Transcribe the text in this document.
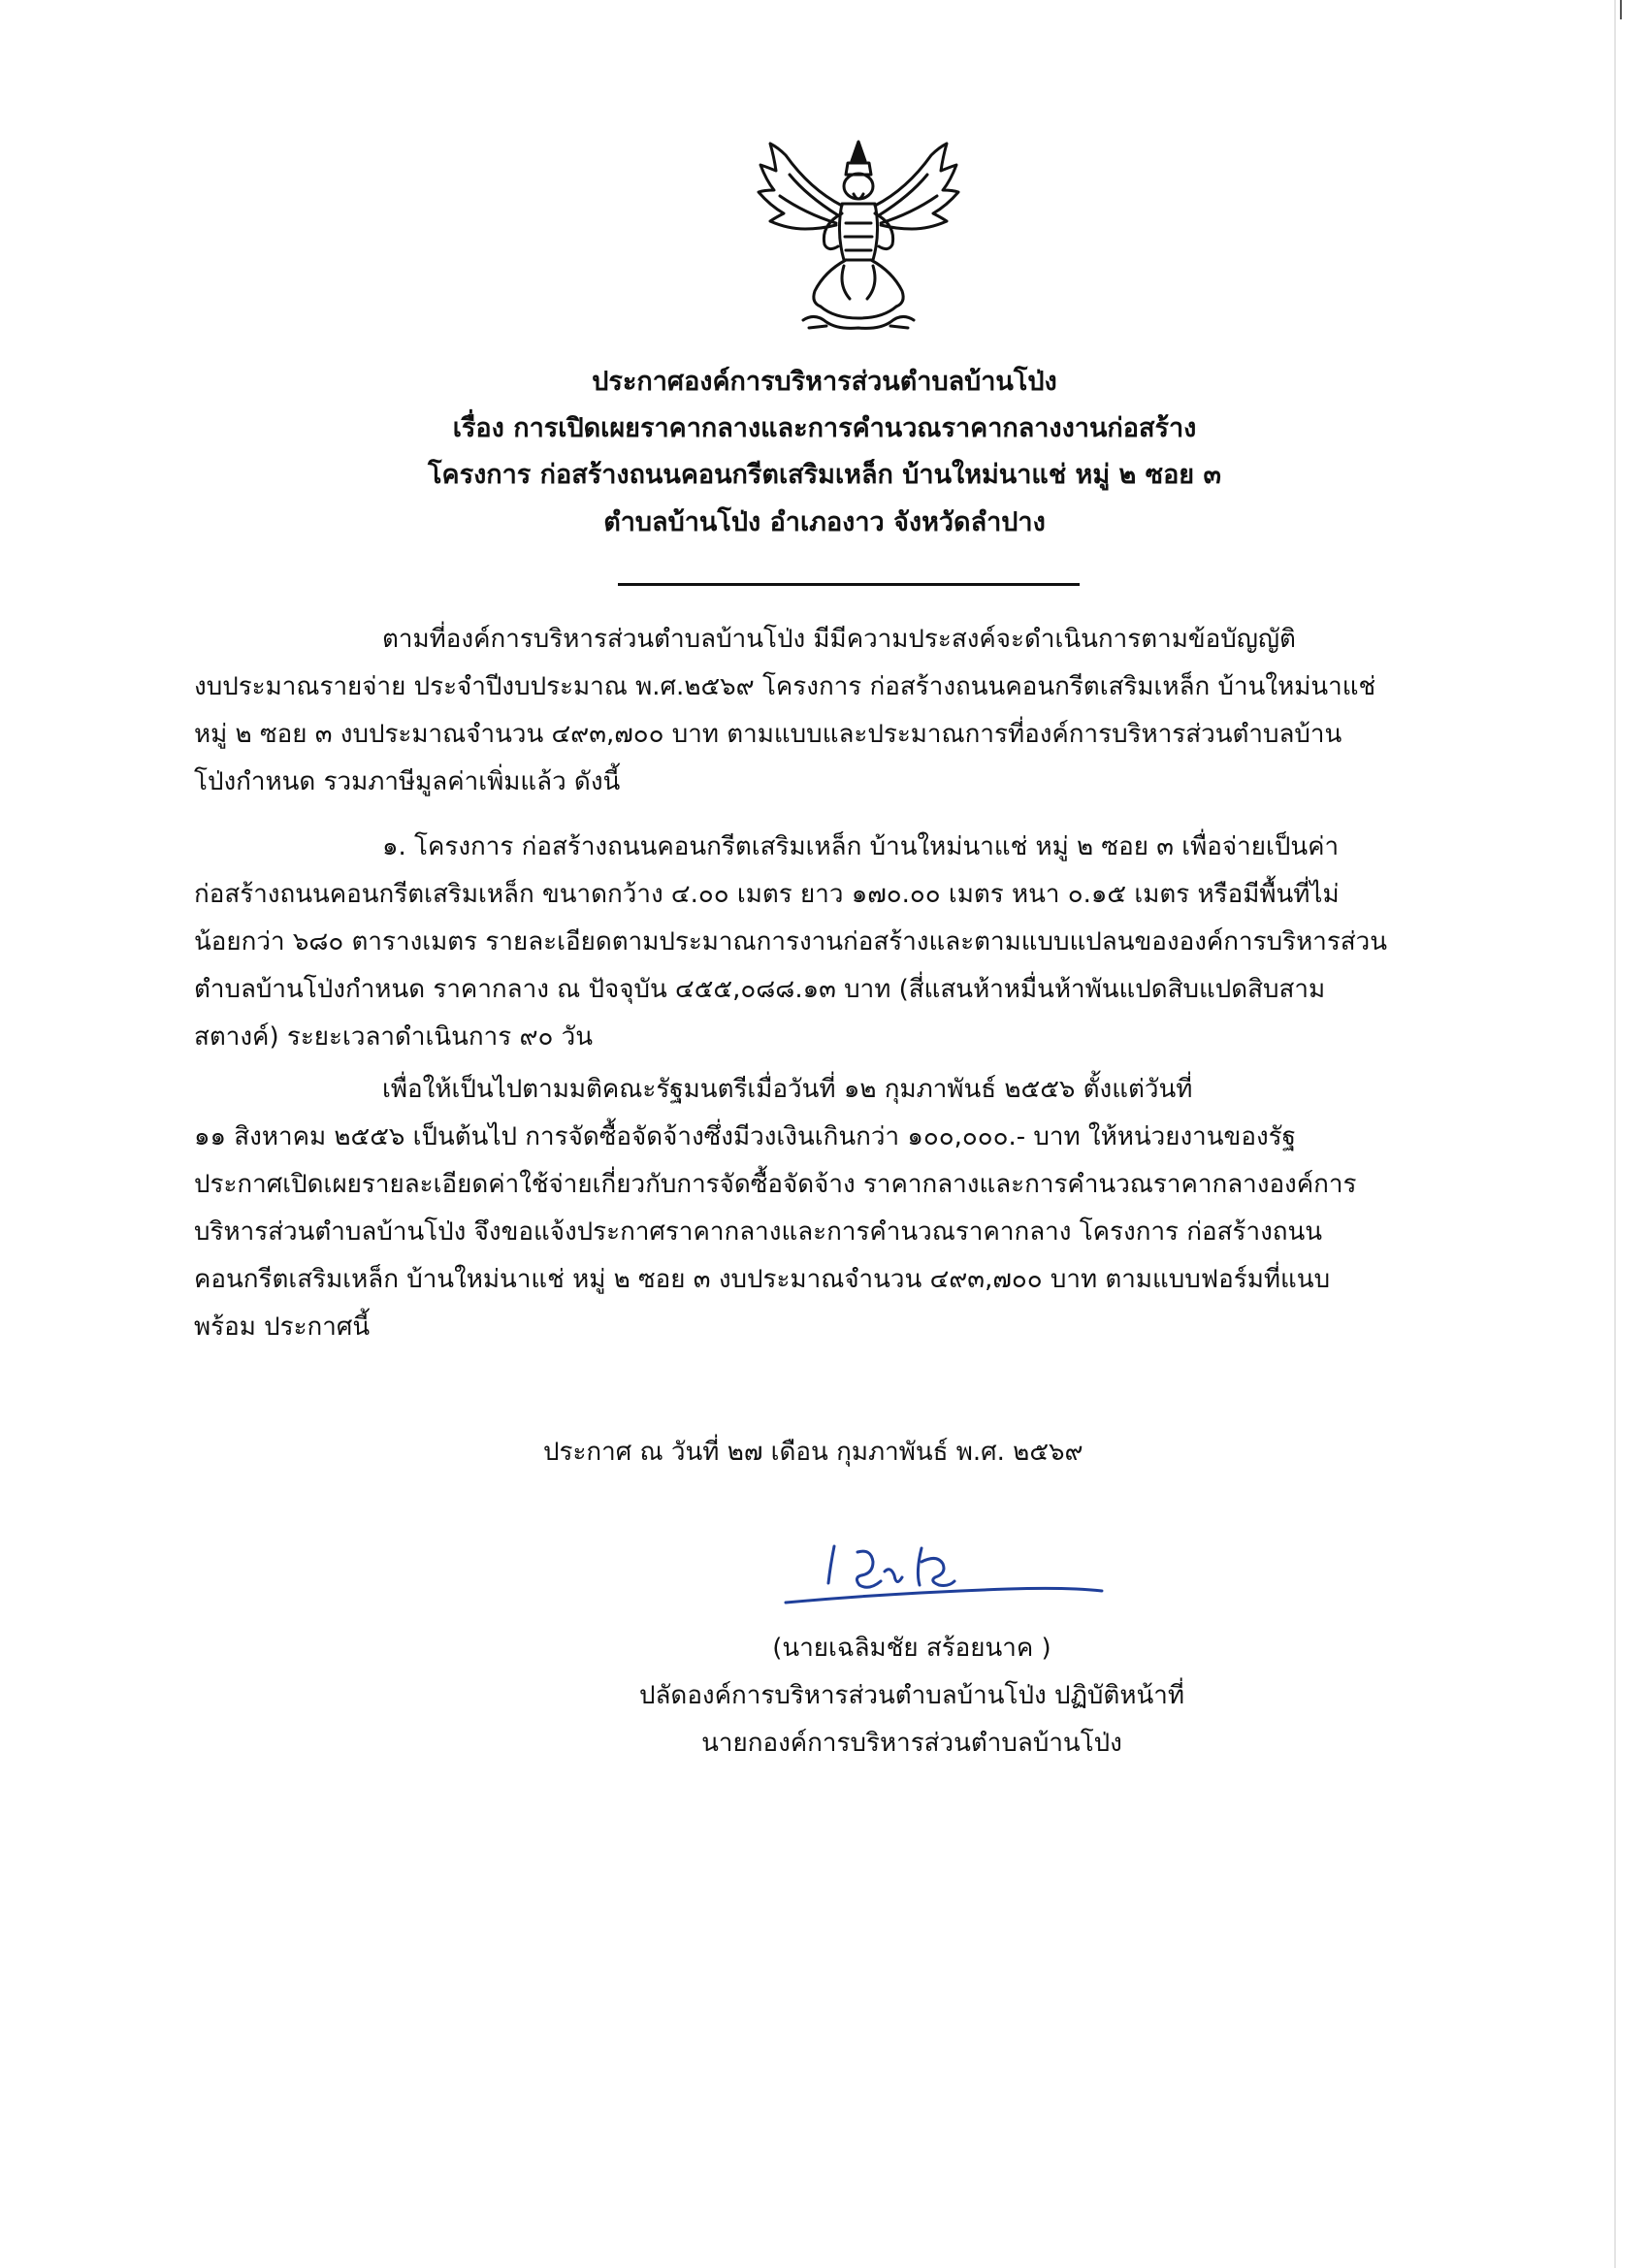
ประกาศองค์การบริหารส่วนตำบลบ้านโป่ง
เรื่อง การเปิดเผยราคากลางและการคำนวณราคากลางงานก่อสร้าง
โครงการ ก่อสร้างถนนคอนกรีตเสริมเหล็ก บ้านใหม่นาแช่ หมู่ ๒ ซอย ๓
ตำบลบ้านโป่ง อำเภองาว จังหวัดลำปาง
ตามที่องค์การบริหารส่วนตำบลบ้านโป่ง มีมีความประสงค์จะดำเนินการตามข้อบัญญัติ
งบประมาณรายจ่าย ประจำปีงบประมาณ พ.ศ.๒๕๖๙ โครงการ ก่อสร้างถนนคอนกรีตเสริมเหล็ก บ้านใหม่นาแช่
หมู่ ๒ ซอย ๓ งบประมาณจำนวน ๔๙๓,๗๐๐ บาท ตามแบบและประมาณการที่องค์การบริหารส่วนตำบลบ้าน
โป่งกำหนด รวมภาษีมูลค่าเพิ่มแล้ว ดังนี้
๑. โครงการ ก่อสร้างถนนคอนกรีตเสริมเหล็ก บ้านใหม่นาแช่ หมู่ ๒ ซอย ๓ เพื่อจ่ายเป็นค่า
ก่อสร้างถนนคอนกรีตเสริมเหล็ก ขนาดกว้าง ๔.๐๐ เมตร ยาว ๑๗๐.๐๐ เมตร หนา ๐.๑๕ เมตร หรือมีพื้นที่ไม่
น้อยกว่า ๖๘๐ ตารางเมตร รายละเอียดตามประมาณการงานก่อสร้างและตามแบบแปลนขององค์การบริหารส่วน
ตำบลบ้านโป่งกำหนด ราคากลาง ณ ปัจจุบัน ๔๕๕,๐๘๘.๑๓ บาท (สี่แสนห้าหมื่นห้าพันแปดสิบแปดสิบสาม
สตางค์) ระยะเวลาดำเนินการ ๙๐ วัน
เพื่อให้เป็นไปตามมติคณะรัฐมนตรีเมื่อวันที่ ๑๒ กุมภาพันธ์ ๒๕๕๖ ตั้งแต่วันที่
๑๑ สิงหาคม ๒๕๕๖ เป็นต้นไป การจัดซื้อจัดจ้างซึ่งมีวงเงินเกินกว่า ๑๐๐,๐๐๐.- บาท ให้หน่วยงานของรัฐ
ประกาศเปิดเผยรายละเอียดค่าใช้จ่ายเกี่ยวกับการจัดซื้อจัดจ้าง ราคากลางและการคำนวณราคากลางองค์การ
บริหารส่วนตำบลบ้านโป่ง จึงขอแจ้งประกาศราคากลางและการคำนวณราคากลาง โครงการ ก่อสร้างถนน
คอนกรีตเสริมเหล็ก บ้านใหม่นาแช่ หมู่ ๒ ซอย ๓ งบประมาณจำนวน ๔๙๓,๗๐๐ บาท ตามแบบฟอร์มที่แนบ
พร้อม ประกาศนี้
ประกาศ ณ วันที่ ๒๗ เดือน กุมภาพันธ์ พ.ศ. ๒๕๖๙
(นายเฉลิมชัย สร้อยนาค )
ปลัดองค์การบริหารส่วนตำบลบ้านโป่ง ปฏิบัติหน้าที่
นายกองค์การบริหารส่วนตำบลบ้านโป่ง
